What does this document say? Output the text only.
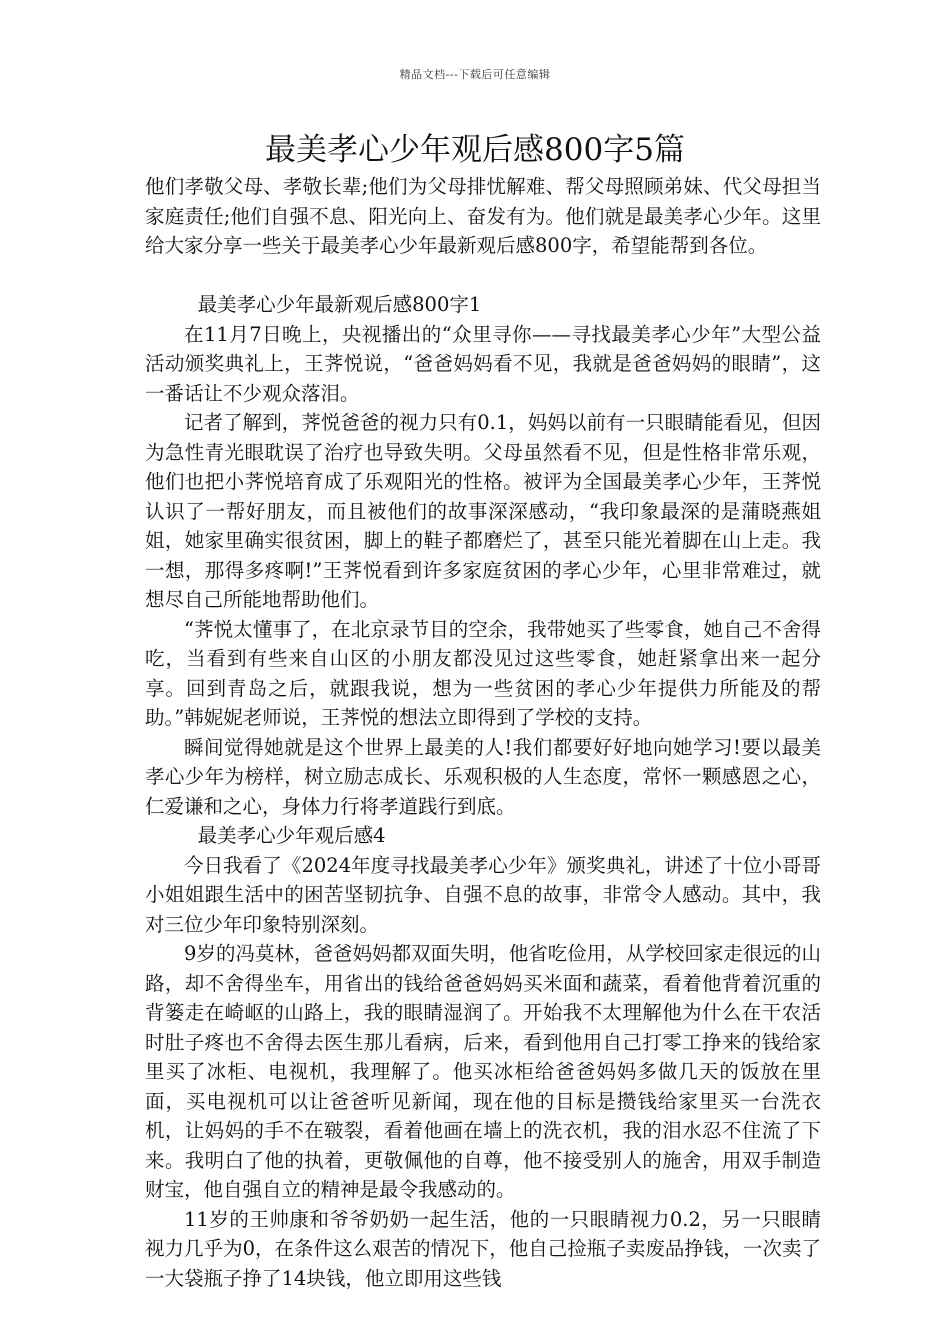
精品文档---下载后可任意编辑
最美孝心少年观后感800字5篇

他们孝敬父母、孝敬长辈;他们为父母排忧解难、帮父母照顾弟妹、代父母担当家庭责任;他们自强不息、阳光向上、奋发有为。他们就是最美孝心少年。这里给大家分享一些关于最美孝心少年最新观后感800字，希望能帮到各位。

最美孝心少年最新观后感800字1

在11月7日晚上，央视播出的“众里寻你——寻找最美孝心少年”大型公益活动颁奖典礼上，王荠悦说，“爸爸妈妈看不见，我就是爸爸妈妈的眼睛”，这一番话让不少观众落泪。

记者了解到，荠悦爸爸的视力只有0.1，妈妈以前有一只眼睛能看见，但因为急性青光眼耽误了治疗也导致失明。父母虽然看不见，但是性格非常乐观，他们也把小荠悦培育成了乐观阳光的性格。被评为全国最美孝心少年，王荠悦认识了一帮好朋友，而且被他们的故事深深感动，“我印象最深的是蒲晓燕姐姐，她家里确实很贫困，脚上的鞋子都磨烂了，甚至只能光着脚在山上走。我一想，那得多疼啊!”王荠悦看到许多家庭贫困的孝心少年，心里非常难过，就想尽自己所能地帮助他们。

“荠悦太懂事了，在北京录节目的空余，我带她买了些零食，她自己不舍得吃，当看到有些来自山区的小朋友都没见过这些零食，她赶紧拿出来一起分享。回到青岛之后，就跟我说，想为一些贫困的孝心少年提供力所能及的帮助。”韩妮妮老师说，王荠悦的想法立即得到了学校的支持。

瞬间觉得她就是这个世界上最美的人!我们都要好好地向她学习!要以最美孝心少年为榜样，树立励志成长、乐观积极的人生态度，常怀一颗感恩之心，仁爱谦和之心，身体力行将孝道践行到底。

最美孝心少年观后感4

今日我看了《2024年度寻找最美孝心少年》颁奖典礼，讲述了十位小哥哥小姐姐跟生活中的困苦坚韧抗争、自强不息的故事，非常令人感动。其中，我对三位少年印象特别深刻。

9岁的冯莫林，爸爸妈妈都双面失明，他省吃俭用，从学校回家走很远的山路，却不舍得坐车，用省出的钱给爸爸妈妈买米面和蔬菜，看着他背着沉重的背篓走在崎岖的山路上，我的眼睛湿润了。开始我不太理解他为什么在干农活时肚子疼也不舍得去医生那儿看病，后来，看到他用自己打零工挣来的钱给家里买了冰柜、电视机，我理解了。他买冰柜给爸爸妈妈多做几天的饭放在里面，买电视机可以让爸爸听见新闻，现在他的目标是攒钱给家里买一台洗衣机，让妈妈的手不在皲裂，看着他画在墙上的洗衣机，我的泪水忍不住流了下来。我明白了他的执着，更敬佩他的自尊，他不接受别人的施舍，用双手制造财宝，他自强自立的精神是最令我感动的。

11岁的王帅康和爷爷奶奶一起生活，他的一只眼睛视力0.2，另一只眼睛视力几乎为0，在条件这么艰苦的情况下，他自己捡瓶子卖废品挣钱，一次卖了一大袋瓶子挣了14块钱，他立即用这些钱
